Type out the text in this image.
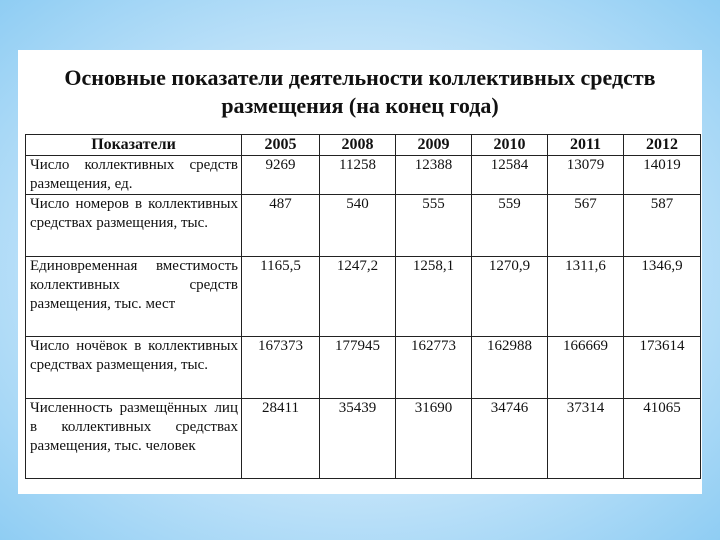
Основные показатели деятельности коллективных средств
размещения (на конец года)
Показатели	2005	2008	2009	2010	2011	2012
Число коллективных средств размещения, ед.	9269	11258	12388	12584	13079	14019
Число номеров в коллективных средствах размещения, тыс.	487	540	555	559	567	587
Единовременная вместимость коллективных средств размещения, тыс. мест	1165,5	1247,2	1258,1	1270,9	1311,6	1346,9
Число ночёвок в коллективных средствах размещения, тыс.	167373	177945	162773	162988	166669	173614
Численность размещённых лиц в коллективных средствах размещения, тыс. человек	28411	35439	31690	34746	37314	41065
